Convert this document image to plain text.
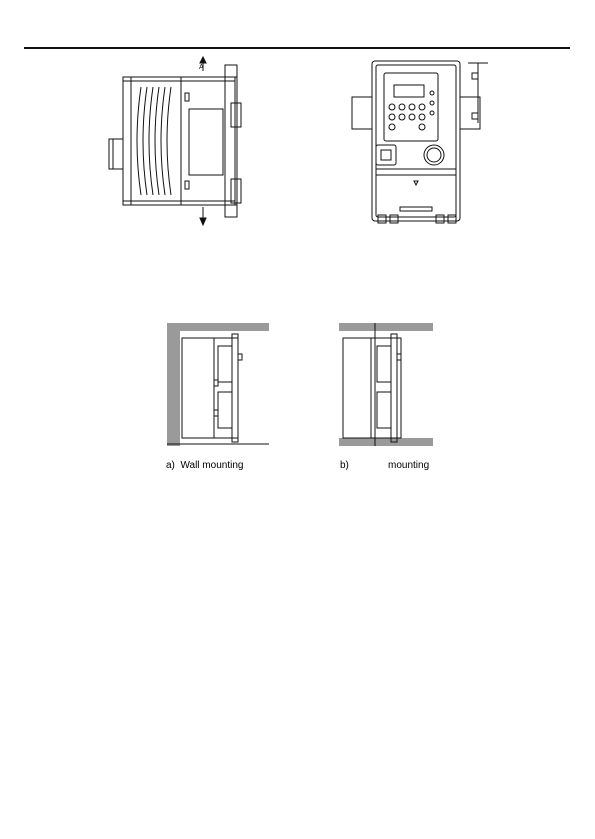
A
a)  Wall mounting	b)	mounting
